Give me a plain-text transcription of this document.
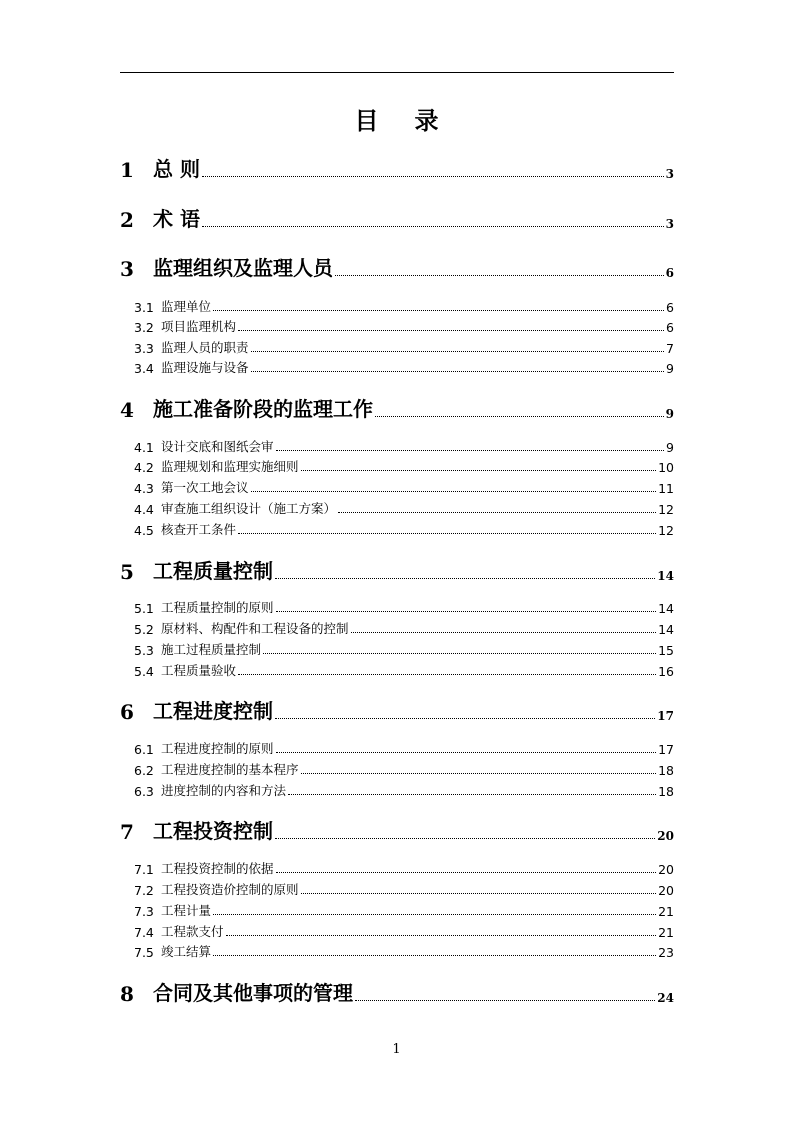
目 录
1 总 则	3
2 术 语	3
3 监理组织及监理人员	6
3.1 监理单位	6
3.2 项目监理机构	6
3.3 监理人员的职责	7
3.4 监理设施与设备	9
4 施工准备阶段的监理工作	9
4.1 设计交底和图纸会审	9
4.2 监理规划和监理实施细则	10
4.3 第一次工地会议	11
4.4 审查施工组织设计（施工方案）	12
4.5 核查开工条件	12
5 工程质量控制	14
5.1 工程质量控制的原则	14
5.2 原材料、构配件和工程设备的控制	14
5.3 施工过程质量控制	15
5.4 工程质量验收	16
6 工程进度控制	17
6.1 工程进度控制的原则	17
6.2 工程进度控制的基本程序	18
6.3 进度控制的内容和方法	18
7 工程投资控制	20
7.1 工程投资控制的依据	20
7.2 工程投资造价控制的原则	20
7.3 工程计量	21
7.4 工程款支付	21
7.5 竣工结算	23
8 合同及其他事项的管理	24
1
